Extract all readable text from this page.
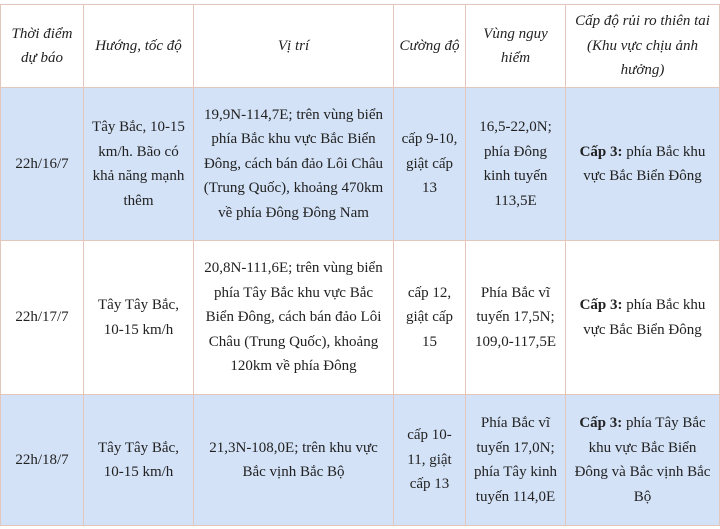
Thời điểm dự báo	Hướng, tốc độ	Vị trí	Cường độ	Vùng nguy hiểm	Cấp độ rủi ro thiên tai (Khu vực chịu ảnh hưởng)
22h/16/7	Tây Bắc, 10-15 km/h. Bão có khả năng mạnh thêm	19,9N-114,7E; trên vùng biển phía Bắc khu vực Bắc Biển Đông, cách bán đảo Lôi Châu (Trung Quốc), khoảng 470km về phía Đông Đông Nam	cấp 9-10, giật cấp 13	16,5-22,0N; phía Đông kinh tuyến 113,5E	Cấp 3: phía Bắc khu vực Bắc Biển Đông
22h/17/7	Tây Tây Bắc, 10-15 km/h	20,8N-111,6E; trên vùng biển phía Tây Bắc khu vực Bắc Biển Đông, cách bán đảo Lôi Châu (Trung Quốc), khoảng 120km về phía Đông	cấp 12, giật cấp 15	Phía Bắc vĩ tuyến 17,5N; 109,0-117,5E	Cấp 3: phía Bắc khu vực Bắc Biển Đông
22h/18/7	Tây Tây Bắc, 10-15 km/h	21,3N-108,0E; trên khu vực Bắc vịnh Bắc Bộ	cấp 10-11, giật cấp 13	Phía Bắc vĩ tuyến 17,0N; phía Tây kinh tuyến 114,0E	Cấp 3: phía Tây Bắc khu vực Bắc Biển Đông và Bắc vịnh Bắc Bộ
